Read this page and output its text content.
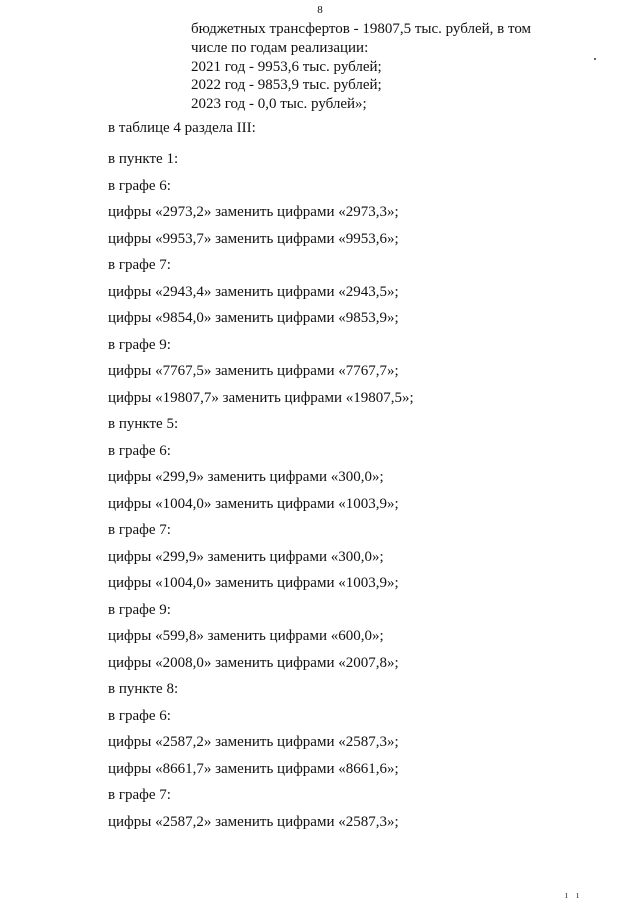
8
бюджетных трансфертов - 19807,5 тыс. рублей, в том
числе по годам реализации:
2021 год - 9953,6 тыс. рублей;
2022 год - 9853,9 тыс. рублей;
2023 год - 0,0 тыс. рублей»;
в таблице 4 раздела III:
в пункте 1:
в графе 6:
цифры «2973,2» заменить цифрами «2973,3»;
цифры «9953,7» заменить цифрами «9953,6»;
в графе 7:
цифры «2943,4» заменить цифрами «2943,5»;
цифры «9854,0» заменить цифрами «9853,9»;
в графе 9:
цифры «7767,5» заменить цифрами «7767,7»;
цифры «19807,7» заменить цифрами «19807,5»;
в пункте 5:
в графе 6:
цифры «299,9» заменить цифрами «300,0»;
цифры «1004,0» заменить цифрами «1003,9»;
в графе 7:
цифры «299,9» заменить цифрами «300,0»;
цифры «1004,0» заменить цифрами «1003,9»;
в графе 9:
цифры «599,8» заменить цифрами «600,0»;
цифры «2008,0» заменить цифрами «2007,8»;
в пункте 8:
в графе 6:
цифры «2587,2» заменить цифрами «2587,3»;
цифры «8661,7» заменить цифрами «8661,6»;
в графе 7:
цифры «2587,2» заменить цифрами «2587,3»;
ı ı
